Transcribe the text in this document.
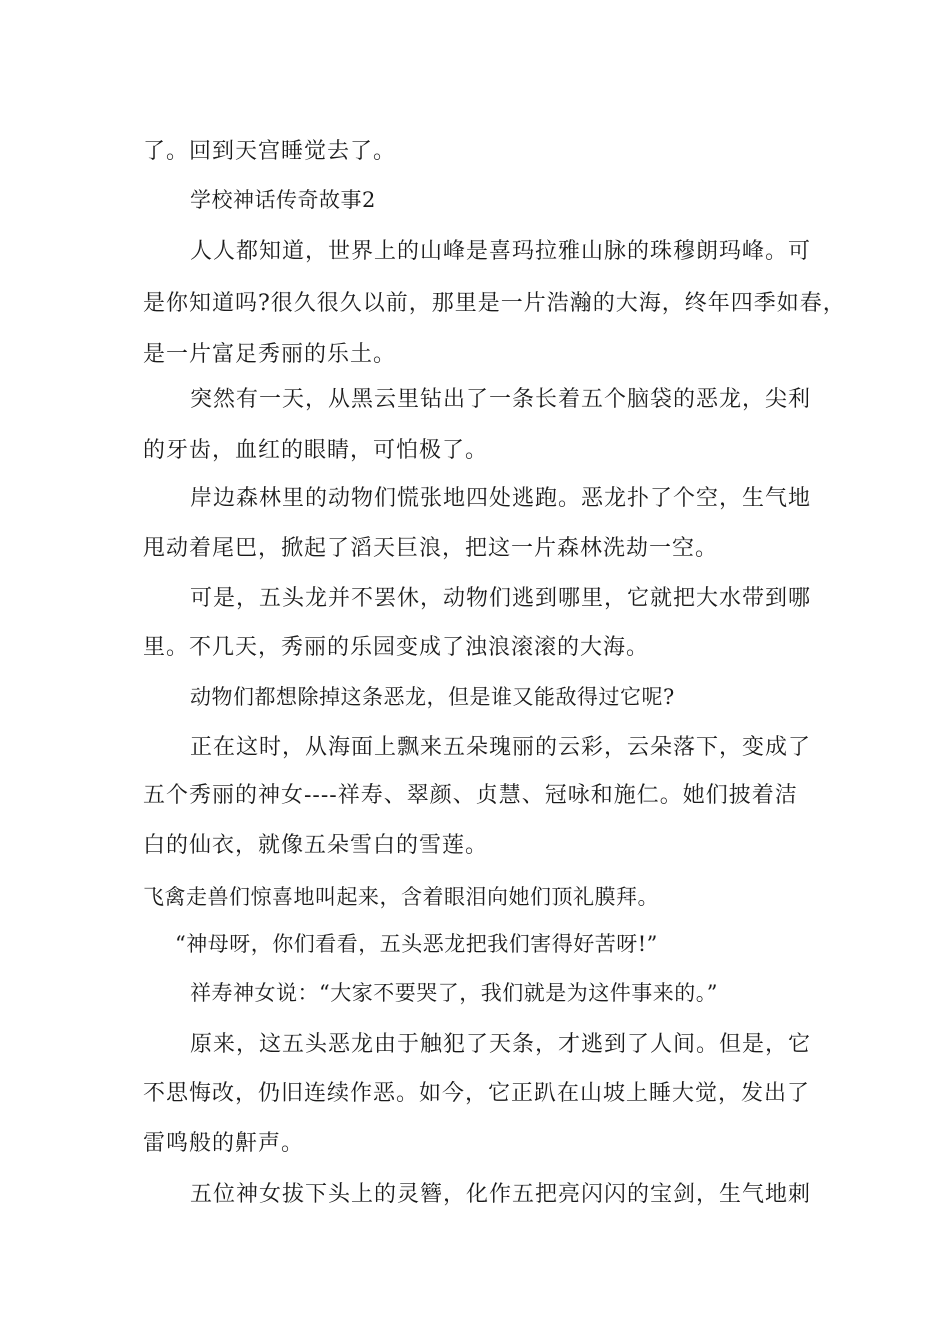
了。回到天宫睡觉去了。
学校神话传奇故事2
人人都知道，世界上的山峰是喜玛拉雅山脉的珠穆朗玛峰。可
是你知道吗?很久很久以前，那里是一片浩瀚的大海，终年四季如春，
是一片富足秀丽的乐土。
突然有一天，从黑云里钻出了一条长着五个脑袋的恶龙，尖利
的牙齿，血红的眼睛，可怕极了。
岸边森林里的动物们慌张地四处逃跑。恶龙扑了个空，生气地
甩动着尾巴，掀起了滔天巨浪，把这一片森林洗劫一空。
可是，五头龙并不罢休，动物们逃到哪里，它就把大水带到哪
里。不几天，秀丽的乐园变成了浊浪滚滚的大海。
动物们都想除掉这条恶龙，但是谁又能敌得过它呢?
正在这时，从海面上飘来五朵瑰丽的云彩，云朵落下，变成了
五个秀丽的神女----祥寿、翠颜、贞慧、冠咏和施仁。她们披着洁
白的仙衣，就像五朵雪白的雪莲。
飞禽走兽们惊喜地叫起来，含着眼泪向她们顶礼膜拜。
“神母呀，你们看看，五头恶龙把我们害得好苦呀!”
祥寿神女说：“大家不要哭了，我们就是为这件事来的。”
原来，这五头恶龙由于触犯了天条，才逃到了人间。但是，它
不思悔改，仍旧连续作恶。如今，它正趴在山坡上睡大觉，发出了
雷鸣般的鼾声。
五位神女拔下头上的灵簪，化作五把亮闪闪的宝剑，生气地刺
